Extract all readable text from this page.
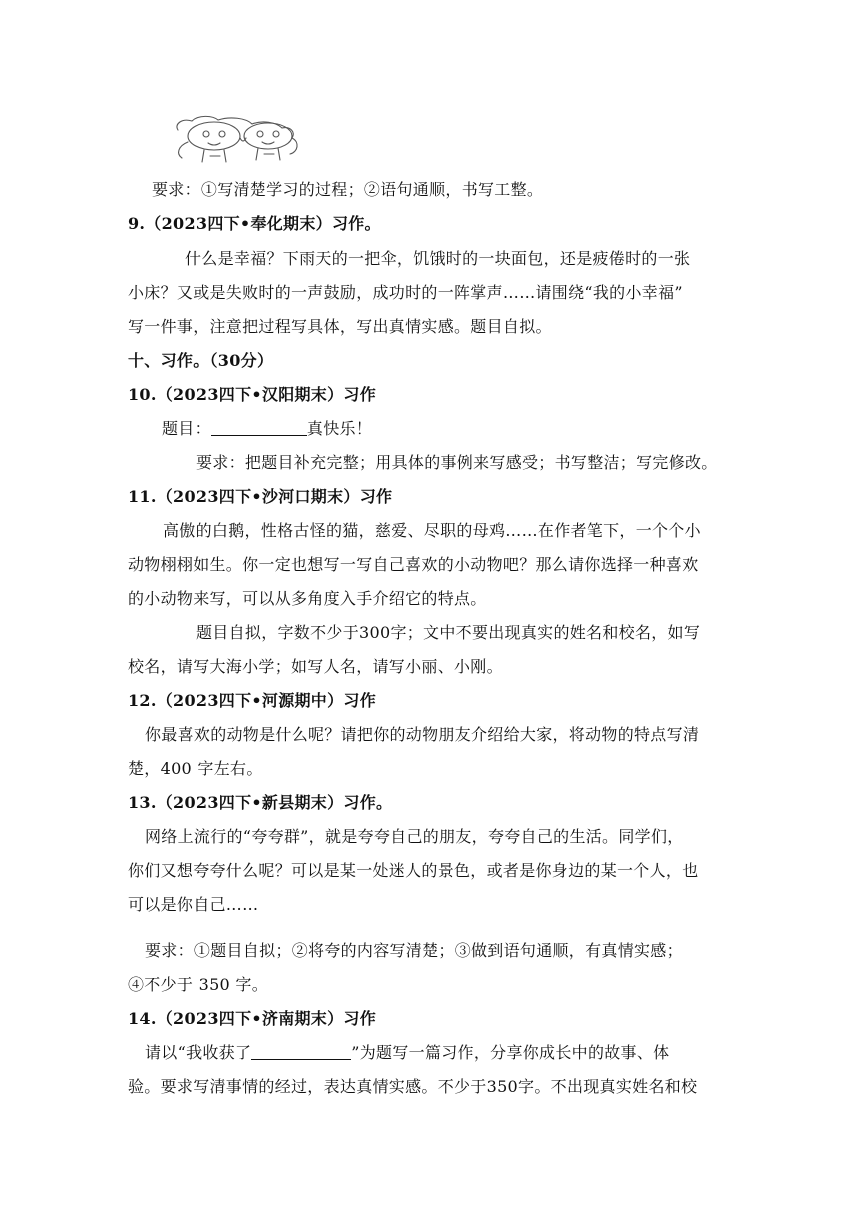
要求：①写清楚学习的过程；②语句通顺，书写工整。
9.（2023四下•奉化期末）习作。
什么是幸福？下雨天的一把伞，饥饿时的一块面包，还是疲倦时的一张
小床？又或是失败时的一声鼓励，成功时的一阵掌声……请围绕“我的小幸福”
写一件事，注意把过程写具体，写出真情实感。题目自拟。
十、习作。（30分）
10.（2023四下•汉阳期末）习作
题目：	真快乐！
要求：把题目补充完整；用具体的事例来写感受；书写整洁；写完修改。
11.（2023四下•沙河口期末）习作
高傲的白鹅，性格古怪的猫，慈爱、尽职的母鸡……在作者笔下，一个个小
动物栩栩如生。你一定也想写一写自己喜欢的小动物吧？那么请你选择一种喜欢
的小动物来写，可以从多角度入手介绍它的特点。
题目自拟，字数不少于300字；文中不要出现真实的姓名和校名，如写
校名，请写大海小学；如写人名，请写小丽、小刚。
12.（2023四下•河源期中）习作
你最喜欢的动物是什么呢？请把你的动物朋友介绍给大家，将动物的特点写清
楚，400 字左右。
13.（2023四下•新县期末）习作。
网络上流行的“夸夸群”，就是夸夸自己的朋友，夸夸自己的生活。同学们，
你们又想夸夸什么呢？可以是某一处迷人的景色，或者是你身边的某一个人，也
可以是你自己……
要求：①题目自拟；②将夸的内容写清楚；③做到语句通顺，有真情实感；
④不少于 350 字。
14.（2023四下•济南期末）习作
请以“我收获了	”为题写一篇习作，分享你成长中的故事、体
验。要求写清事情的经过，表达真情实感。不少于350字。不出现真实姓名和校
